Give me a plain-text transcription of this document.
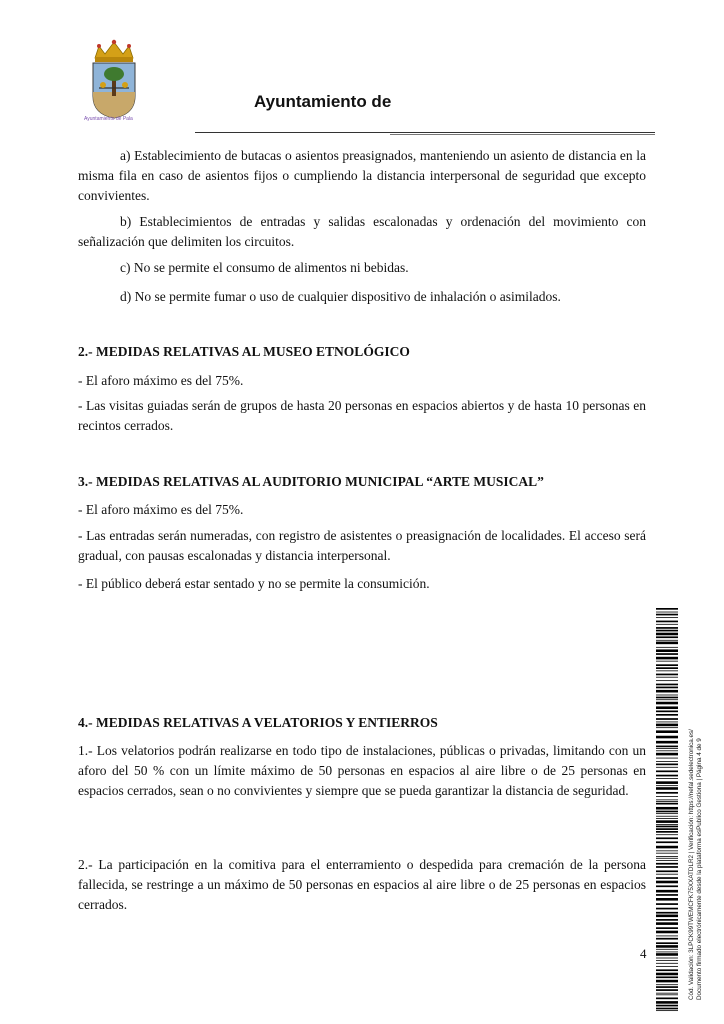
Ayuntamiento de Pala
Ayuntamiento de

a) Establecimiento de butacas o asientos preasignados, manteniendo un asiento de distancia en la misma fila en caso de asientos fijos o cumpliendo la distancia interpersonal de seguridad que excepto convivientes.

b) Establecimientos de entradas y salidas escalonadas y ordenación del movimiento con señalización que delimiten los circuitos.

c) No se permite el consumo de alimentos ni bebidas.

d) No se permite fumar o uso de cualquier dispositivo de inhalación o asimilados.

2.- MEDIDAS RELATIVAS AL MUSEO ETNOLÓGICO

- El aforo máximo es del 75%.

- Las visitas guiadas serán de grupos de hasta 20 personas en espacios abiertos y de hasta 10 personas en recintos cerrados.

3.- MEDIDAS RELATIVAS AL AUDITORIO MUNICIPAL “ARTE MUSICAL”

- El aforo máximo es del 75%.

- Las entradas serán numeradas, con registro de asistentes o preasignación de localidades. El acceso será gradual, con pausas escalonadas y distancia interpersonal.

- El público deberá estar sentado y no se permite la consumición.

4.- MEDIDAS RELATIVAS A VELATORIOS Y ENTIERROS

1.- Los velatorios podrán realizarse en todo tipo de instalaciones, públicas o privadas, limitando con un aforo del 50 % con un límite máximo de 50 personas en espacios al aire libre o de 25 personas en espacios cerrados, sean o no convivientes y siempre que se pueda garantizar la distancia de seguridad.

2.- La participación en la comitiva para el enterramiento o despedida para cremación de la persona fallecida, se restringe a un máximo de 50 personas en espacios al aire libre o de 25 personas en espacios cerrados.

4	Cód. Validación: 3LPCK99TWEMCFK75XXATDLR2 | Verificación: https://nefal.sedelectronica.es/ Documento firmado electrónicamente desde la plataforma esPublico Gestiona | Página 4 de 9
